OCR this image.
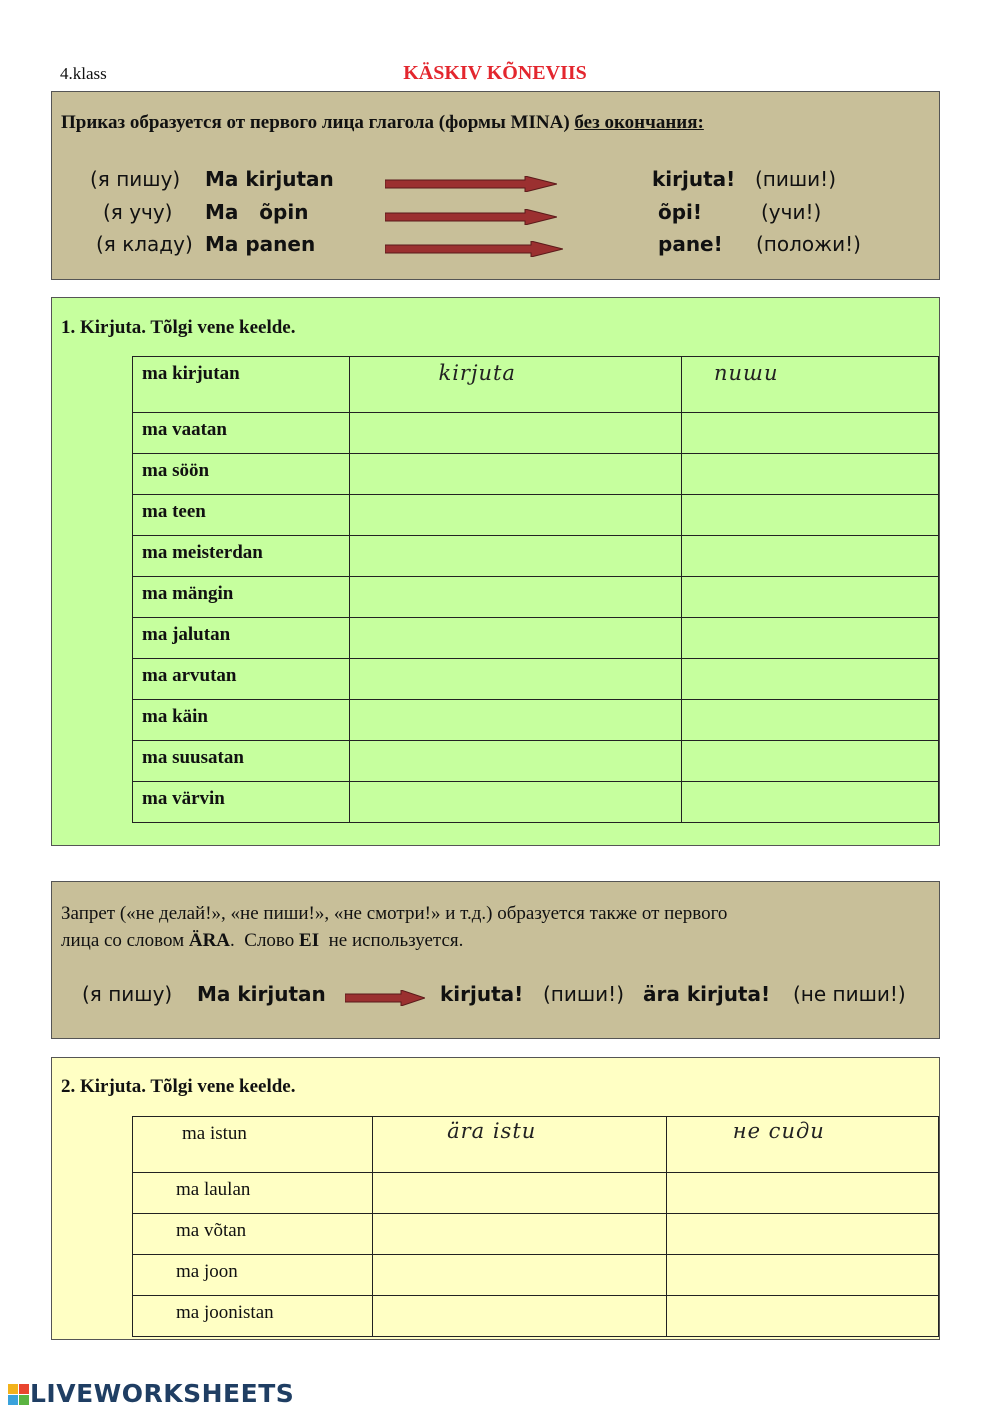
4.klass	KÄSKIV KÕNEVIIS
Приказ образуется от первого лица глагола (формы MINA) без окончания:
(я пишу) Ma kirjutan	kirjuta! (пиши!)
(я учу) Ma   õpin	õpi!	(учи!)
(я кладу) Ma panen	pane! (положи!)
1. Kirjuta. Tõlgi vene keelde.
ma kirjutan	kirjuta	пиши
ma vaatan		
ma söön		
ma teen		
ma meisterdan		
ma mängin		
ma jalutan		
ma arvutan		
ma käin		
ma suusatan		
ma värvin		
Запрет («не делай!», «не пиши!», «не смотри!» и т.д.) образуется также от первого
лица со словом ÄRA.  Слово EI  не используется.
(я пишу) Ma kirjutan	kirjuta! (пиши!) ära kirjuta! (не пиши!)
2. Kirjuta. Tõlgi vene keelde.
ma istun	ära istu	не сиди
ma laulan		
ma võtan		
ma joon		
ma joonistan		
LIVEWORKSHEETS
